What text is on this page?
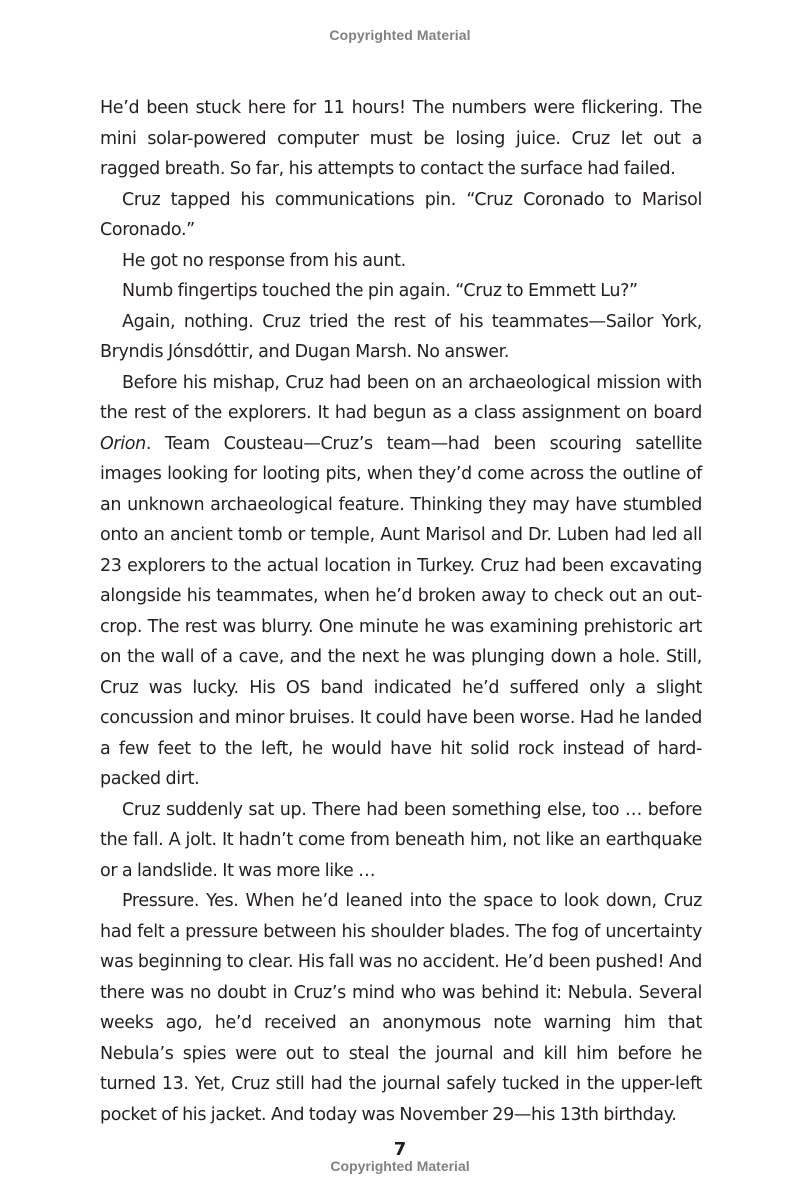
Copyrighted Material

He’d been stuck here for 11 hours! The numbers were flickering. The mini solar-powered computer must be losing juice. Cruz let out a ragged breath. So far, his attempts to contact the surface had failed.

Cruz tapped his communications pin. “Cruz Coronado to Marisol Coronado.”

He got no response from his aunt.

Numb fingertips touched the pin again. “Cruz to Emmett Lu?”

Again, nothing. Cruz tried the rest of his teammates—Sailor York, Bryndis Jónsdóttir, and Dugan Marsh. No answer.

Before his mishap, Cruz had been on an archaeological mission with the rest of the explorers. It had begun as a class assignment on board Orion. Team Cousteau—Cruz’s team—had been scouring satellite images looking for looting pits, when they’d come across the outline of an unknown archaeological feature. Thinking they may have stumbled onto an ancient tomb or temple, Aunt Marisol and Dr. Luben had led all 23 explorers to the actual location in Turkey. Cruz had been excavating alongside his teammates, when he’d broken away to check out an out-crop. The rest was blurry. One minute he was examining prehistoric art on the wall of a cave, and the next he was plunging down a hole. Still, Cruz was lucky. His OS band indicated he’d suffered only a slight concussion and minor bruises. It could have been worse. Had he landed a few feet to the left, he would have hit solid rock instead of hard-packed dirt.

Cruz suddenly sat up. There had been something else, too … before the fall. A jolt. It hadn’t come from beneath him, not like an earthquake or a landslide. It was more like …

Pressure. Yes. When he’d leaned into the space to look down, Cruz had felt a pressure between his shoulder blades. The fog of uncertainty was beginning to clear. His fall was no accident. He’d been pushed! And there was no doubt in Cruz’s mind who was behind it: Nebula. Several weeks ago, he’d received an anonymous note warning him that Nebula’s spies were out to steal the journal and kill him before he turned 13. Yet, Cruz still had the journal safely tucked in the upper-left pocket of his jacket. And today was November 29—his 13th birthday.

7
Copyrighted Material
